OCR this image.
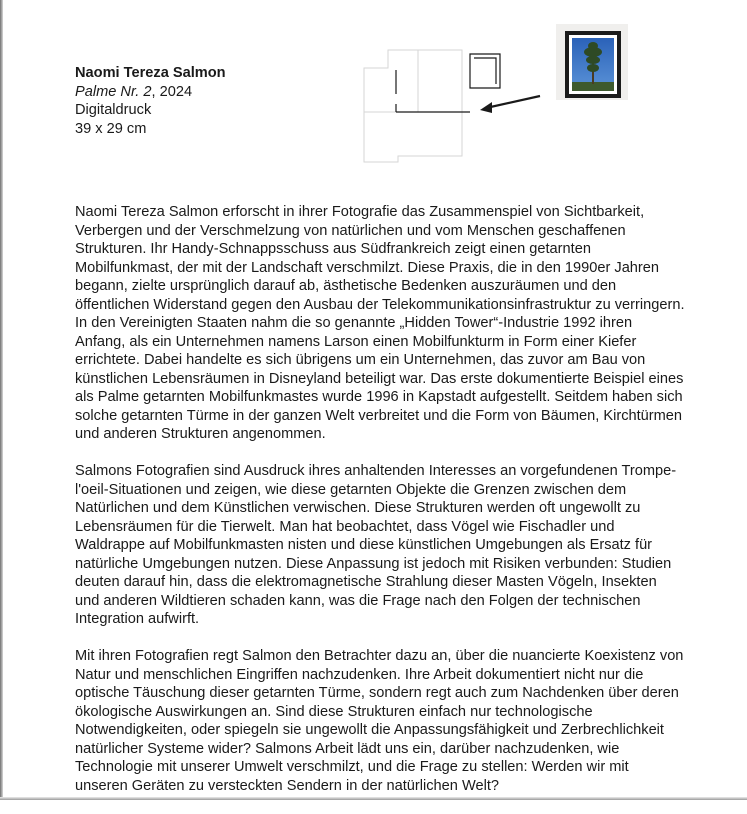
Naomi Tereza Salmon
Palme Nr. 2, 2024
Digitaldruck
39 x 29 cm

Naomi Tereza Salmon erforscht in ihrer Fotografie das Zusammenspiel von Sichtbarkeit, Verbergen und der Verschmelzung von natürlichen und vom Menschen geschaffenen Strukturen. Ihr Handy-Schnappsschuss aus Südfrankreich zeigt einen getarnten Mobilfunkmast, der mit der Landschaft verschmilzt. Diese Praxis, die in den 1990er Jahren begann, zielte ursprünglich darauf ab, ästhetische Bedenken auszuräumen und den öffentlichen Widerstand gegen den Ausbau der Telekommunikationsinfrastruktur zu verringern. In den Vereinigten Staaten nahm die so genannte „Hidden Tower“-Industrie 1992 ihren Anfang, als ein Unternehmen namens Larson einen Mobilfunkturm in Form einer Kiefer errichtete. Dabei handelte es sich übrigens um ein Unternehmen, das zuvor am Bau von künstlichen Lebensräumen in Disneyland beteiligt war. Das erste dokumentierte Beispiel eines als Palme getarnten Mobilfunkmastes wurde 1996 in Kapstadt aufgestellt. Seitdem haben sich solche getarnten Türme in der ganzen Welt verbreitet und die Form von Bäumen, Kirchtürmen und anderen Strukturen angenommen.

Salmons Fotografien sind Ausdruck ihres anhaltenden Interesses an vorgefundenen Trompe-l'oeil-Situationen und zeigen, wie diese getarnten Objekte die Grenzen zwischen dem Natürlichen und dem Künstlichen verwischen. Diese Strukturen werden oft ungewollt zu Lebensräumen für die Tierwelt. Man hat beobachtet, dass Vögel wie Fischadler und Waldrappe auf Mobilfunkmasten nisten und diese künstlichen Umgebungen als Ersatz für natürliche Umgebungen nutzen. Diese Anpassung ist jedoch mit Risiken verbunden: Studien deuten darauf hin, dass die elektromagnetische Strahlung dieser Masten Vögeln, Insekten und anderen Wildtieren schaden kann, was die Frage nach den Folgen der technischen Integration aufwirft.

Mit ihren Fotografien regt Salmon den Betrachter dazu an, über die nuancierte Koexistenz von Natur und menschlichen Eingriffen nachzudenken. Ihre Arbeit dokumentiert nicht nur die optische Täuschung dieser getarnten Türme, sondern regt auch zum Nachdenken über deren ökologische Auswirkungen an. Sind diese Strukturen einfach nur technologische Notwendigkeiten, oder spiegeln sie ungewollt die Anpassungsfähigkeit und Zerbrechlichkeit natürlicher Systeme wider? Salmons Arbeit lädt uns ein, darüber nachzudenken, wie Technologie mit unserer Umwelt verschmilzt, und die Frage zu stellen: Werden wir mit unseren Geräten zu versteckten Sendern in der natürlichen Welt?
